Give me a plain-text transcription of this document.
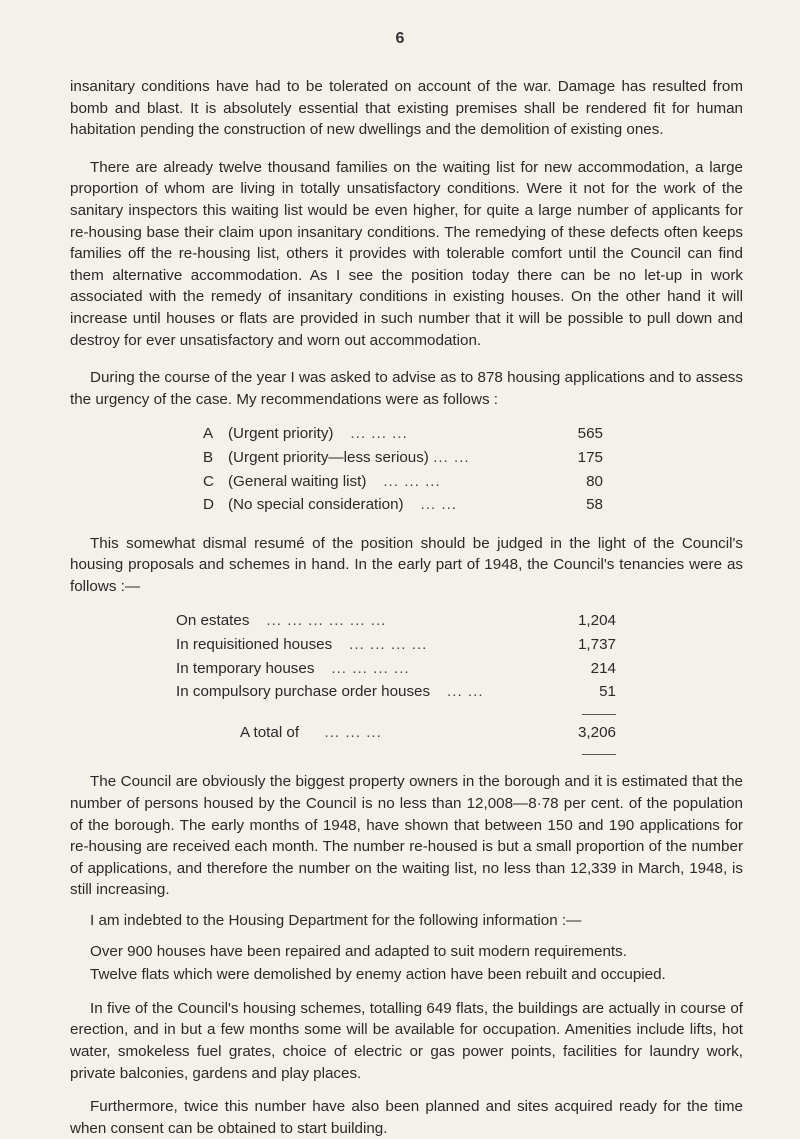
6

insanitary conditions have had to be tolerated on account of the war. Damage has resulted from bomb and blast. It is absolutely essential that existing premises shall be rendered fit for human habitation pending the construction of new dwellings and the demolition of existing ones.

There are already twelve thousand families on the waiting list for new accommodation, a large proportion of whom are living in totally unsatisfactory conditions. Were it not for the work of the sanitary inspectors this waiting list would be even higher, for quite a large number of applicants for re-housing base their claim upon insanitary conditions. The remedying of these defects often keeps families off the re-housing list, others it provides with tolerable comfort until the Council can find them alternative accommodation. As I see the position today there can be no let-up in work associated with the remedy of insanitary conditions in existing houses. On the other hand it will increase until houses or flats are provided in such number that it will be possible to pull down and destroy for ever unsatisfactory and worn out accommodation.

During the course of the year I was asked to advise as to 878 housing applications and to assess the urgency of the case. My recommendations were as follows :

A (Urgent priority) ... ... ...	565
B (Urgent priority—less serious) ... ...	175
C (General waiting list) ... ... ...	80
D (No special consideration) ... ...	58

This somewhat dismal resumé of the position should be judged in the light of the Council's housing proposals and schemes in hand. In the early part of 1948, the Council's tenancies were as follows :—

On estates ... ... ... ... ... ...	1,204
In requisitioned houses ... ... ... ...	1,737
In temporary houses ... ... ... ...	214
In compulsory purchase order houses ... ...	51
A total of ... ... ...	3,206

The Council are obviously the biggest property owners in the borough and it is estimated that the number of persons housed by the Council is no less than 12,008—8·78 per cent. of the population of the borough. The early months of 1948, have shown that between 150 and 190 applications for re-housing are received each month. The number re-housed is but a small proportion of the number of applications, and therefore the number on the waiting list, no less than 12,339 in March, 1948, is still increasing.

I am indebted to the Housing Department for the following information :—

Over 900 houses have been repaired and adapted to suit modern requirements.

Twelve flats which were demolished by enemy action have been rebuilt and occupied.

In five of the Council's housing schemes, totalling 649 flats, the buildings are actually in course of erection, and in but a few months some will be available for occupation. Amenities include lifts, hot water, smokeless fuel grates, choice of electric or gas power points, facilities for laundry work, private balconies, gardens and play places.

Furthermore, twice this number have also been planned and sites acquired ready for the time when consent can be obtained to start building.
